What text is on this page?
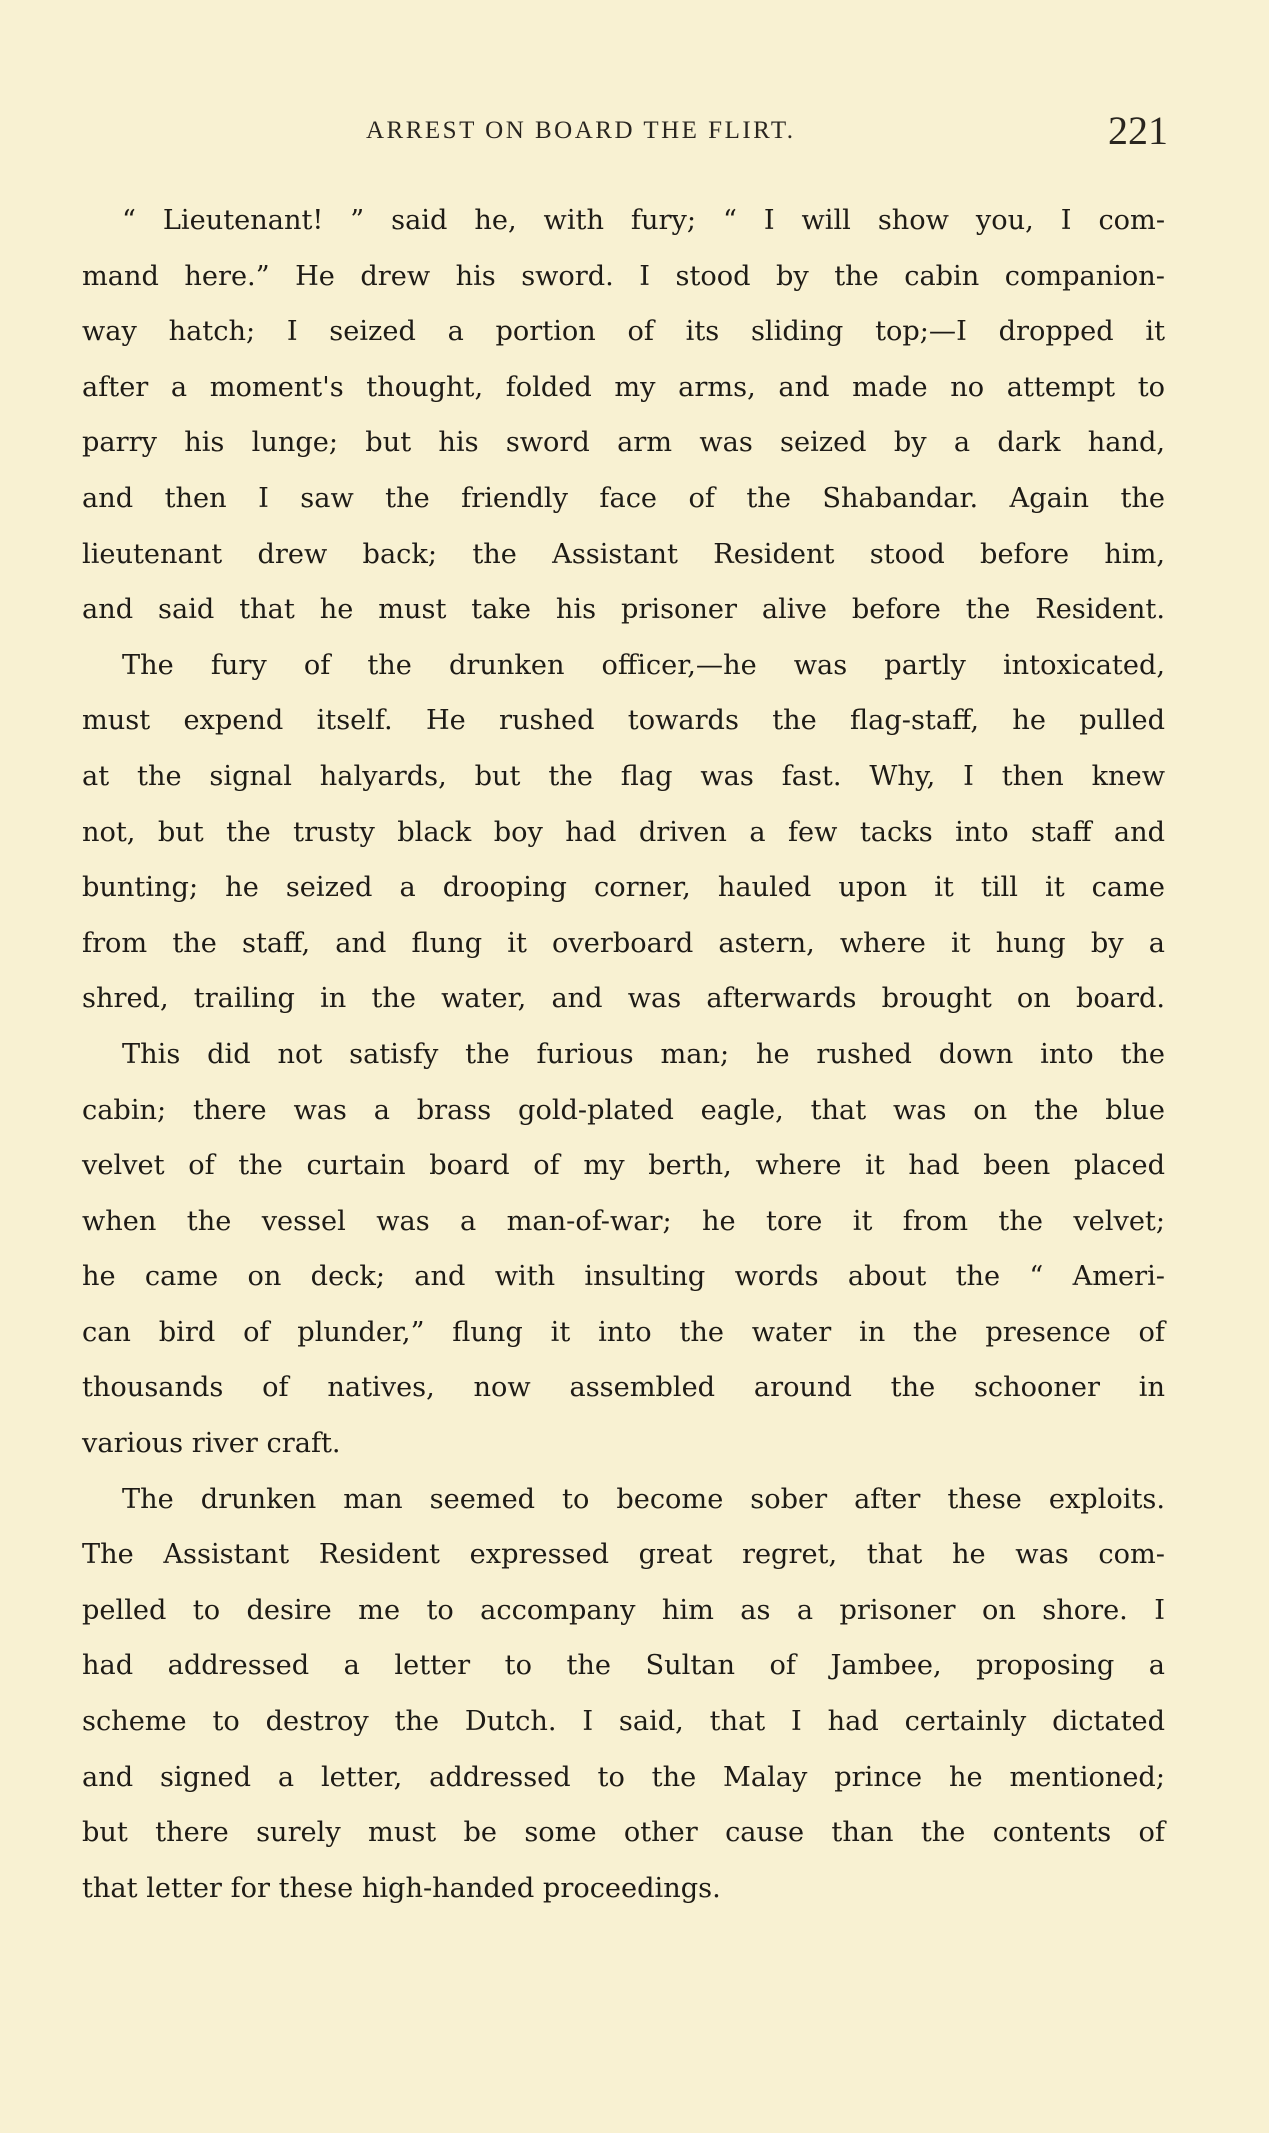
ARREST ON BOARD THE FLIRT.	221
“ Lieutenant! ” said he, with fury; “ I will show you, I com-
mand here.” He drew his sword. I stood by the cabin companion-
way hatch; I seized a portion of its sliding top;—I dropped it
after a moment's thought, folded my arms, and made no attempt to
parry his lunge; but his sword arm was seized by a dark hand,
and then I saw the friendly face of the Shabandar. Again the
lieutenant drew back; the Assistant Resident stood before him,
and said that he must take his prisoner alive before the Resident.
The fury of the drunken officer,—he was partly intoxicated,
must expend itself. He rushed towards the flag-staff, he pulled
at the signal halyards, but the flag was fast. Why, I then knew
not, but the trusty black boy had driven a few tacks into staff and
bunting; he seized a drooping corner, hauled upon it till it came
from the staff, and flung it overboard astern, where it hung by a
shred, trailing in the water, and was afterwards brought on board.
This did not satisfy the furious man; he rushed down into the
cabin; there was a brass gold-plated eagle, that was on the blue
velvet of the curtain board of my berth, where it had been placed
when the vessel was a man-of-war; he tore it from the velvet;
he came on deck; and with insulting words about the “ Ameri-
can bird of plunder,” flung it into the water in the presence of
thousands of natives, now assembled around the schooner in
various river craft.
The drunken man seemed to become sober after these exploits.
The Assistant Resident expressed great regret, that he was com-
pelled to desire me to accompany him as a prisoner on shore. I
had addressed a letter to the Sultan of Jambee, proposing a
scheme to destroy the Dutch. I said, that I had certainly dictated
and signed a letter, addressed to the Malay prince he mentioned;
but there surely must be some other cause than the contents of
that letter for these high-handed proceedings.
